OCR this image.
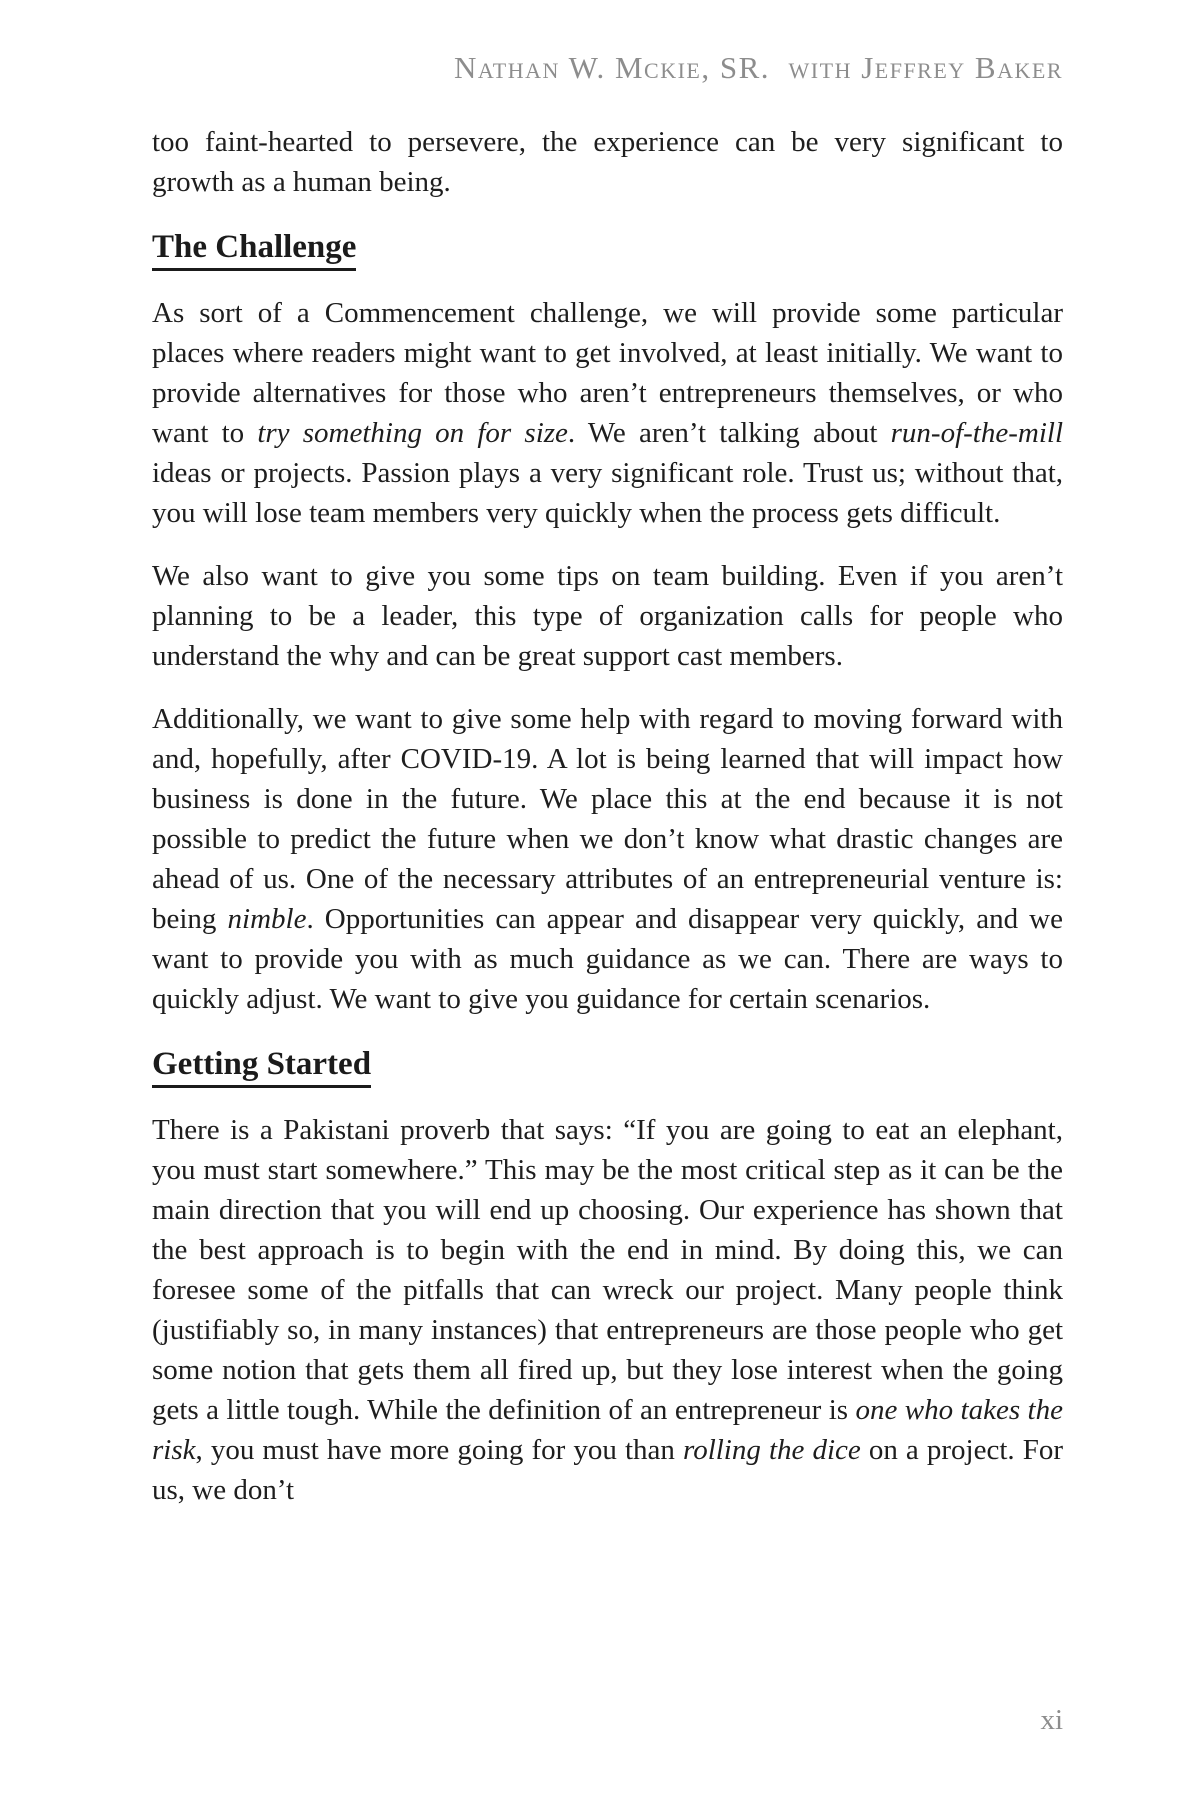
Nathan W. Mckie, SR.  with Jeffrey Baker

too faint-hearted to persevere, the experience can be very significant to growth as a human being.

The Challenge

As sort of a Commencement challenge, we will provide some particular places where readers might want to get involved, at least initially. We want to provide alternatives for those who aren’t entrepreneurs themselves, or who want to try something on for size. We aren’t talking about run-of-the-mill ideas or projects. Passion plays a very significant role. Trust us; without that, you will lose team members very quickly when the process gets difficult.

We also want to give you some tips on team building. Even if you aren’t planning to be a leader, this type of organization calls for people who understand the why and can be great support cast members.

Additionally, we want to give some help with regard to moving forward with and, hopefully, after COVID-19. A lot is being learned that will impact how business is done in the future. We place this at the end because it is not possible to predict the future when we don’t know what drastic changes are ahead of us. One of the necessary attributes of an entrepreneurial venture is: being nimble. Opportunities can appear and disappear very quickly, and we want to provide you with as much guidance as we can. There are ways to quickly adjust. We want to give you guidance for certain scenarios.

Getting Started

There is a Pakistani proverb that says: “If you are going to eat an elephant, you must start somewhere.” This may be the most critical step as it can be the main direction that you will end up choosing. Our experience has shown that the best approach is to begin with the end in mind. By doing this, we can foresee some of the pitfalls that can wreck our project. Many people think (justifiably so, in many instances) that entrepreneurs are those people who get some notion that gets them all fired up, but they lose interest when the going gets a little tough. While the definition of an entrepreneur is one who takes the risk, you must have more going for you than rolling the dice on a project. For us, we don’t

xi
